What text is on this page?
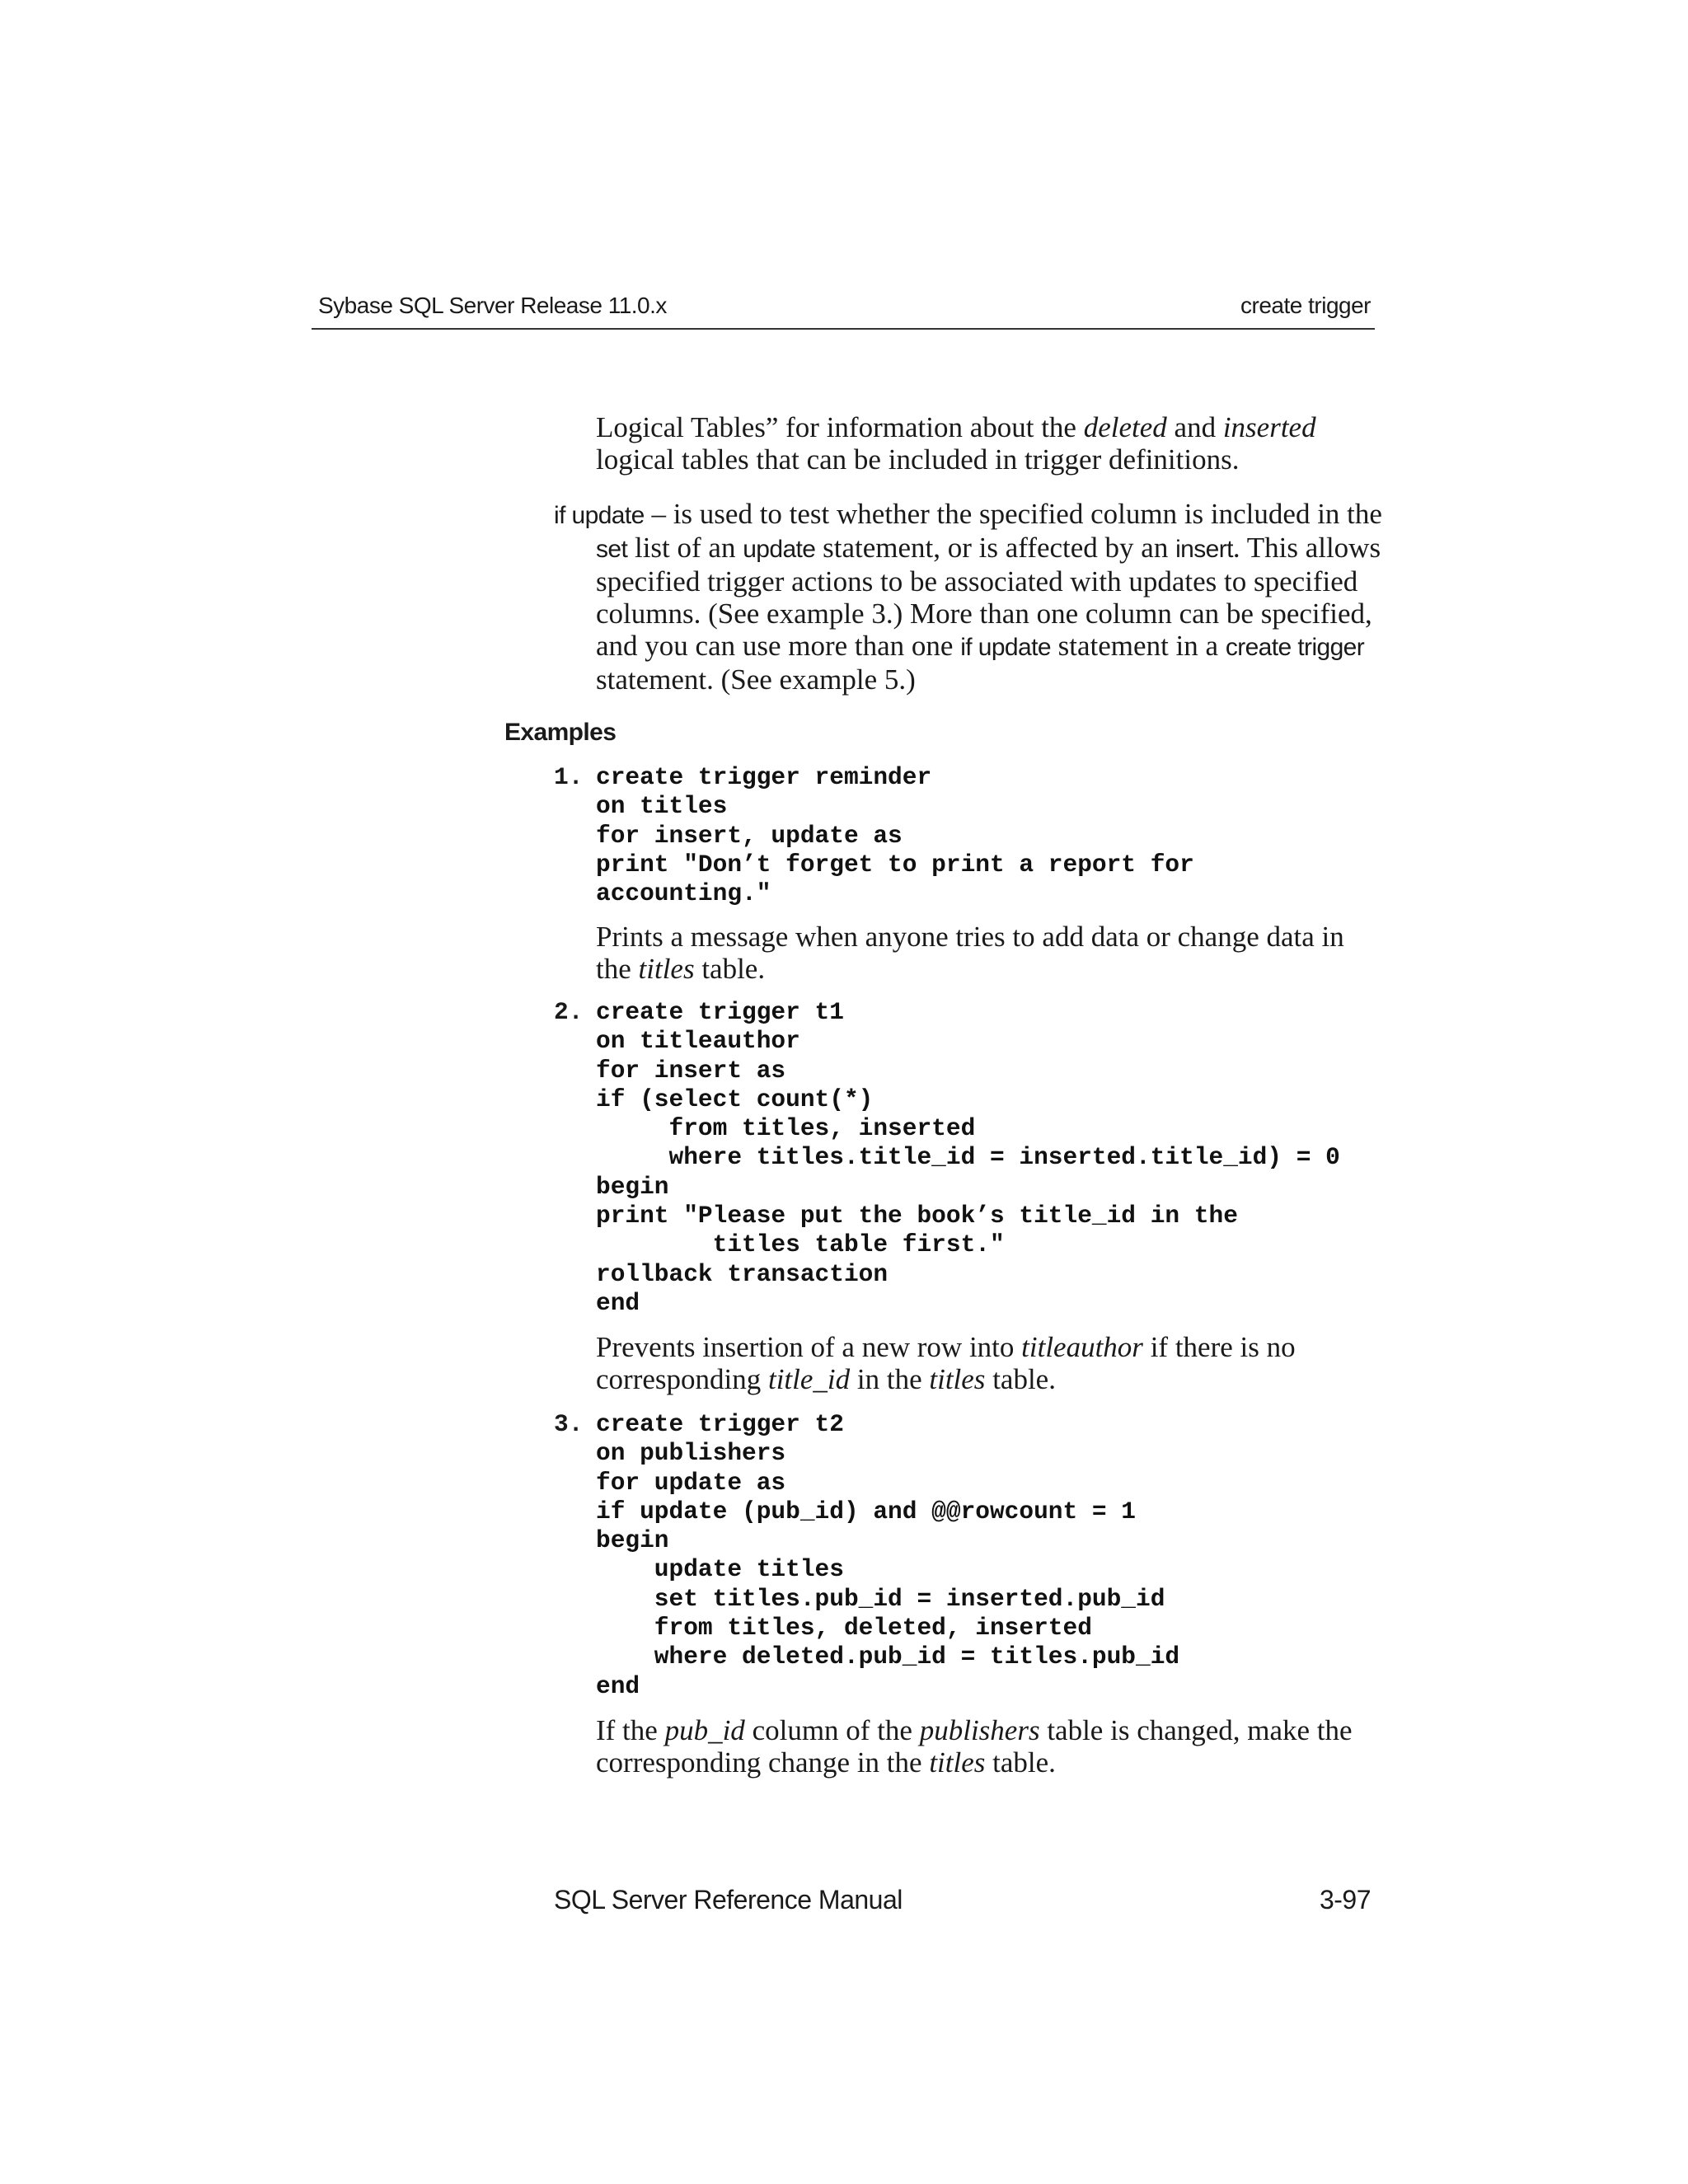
Sybase SQL Server Release 11.0.x	create trigger

Logical Tables” for information about the deleted and inserted logical tables that can be included in trigger definitions.

if update – is used to test whether the specified column is included in the set list of an update statement, or is affected by an insert. This allows specified trigger actions to be associated with updates to specified columns. (See example 3.) More than one column can be specified, and you can use more than one if update statement in a create trigger statement. (See example 5.)

Examples
1. create trigger reminder
on titles
for insert, update as
print "Don’t forget to print a report for
accounting."

Prints a message when anyone tries to add data or change data in the titles table.

2. create trigger t1
on titleauthor
for insert as
if (select count(*)
from titles, inserted
where titles.title_id = inserted.title_id) = 0
begin
print "Please put the book’s title_id in the
titles table first."
rollback transaction
end

Prevents insertion of a new row into titleauthor if there is no corresponding title_id in the titles table.

3. create trigger t2
on publishers
for update as
if update (pub_id) and @@rowcount = 1
begin
update titles
set titles.pub_id = inserted.pub_id
from titles, deleted, inserted
where deleted.pub_id = titles.pub_id
end

If the pub_id column of the publishers table is changed, make the corresponding change in the titles table.

SQL Server Reference Manual	3-97
